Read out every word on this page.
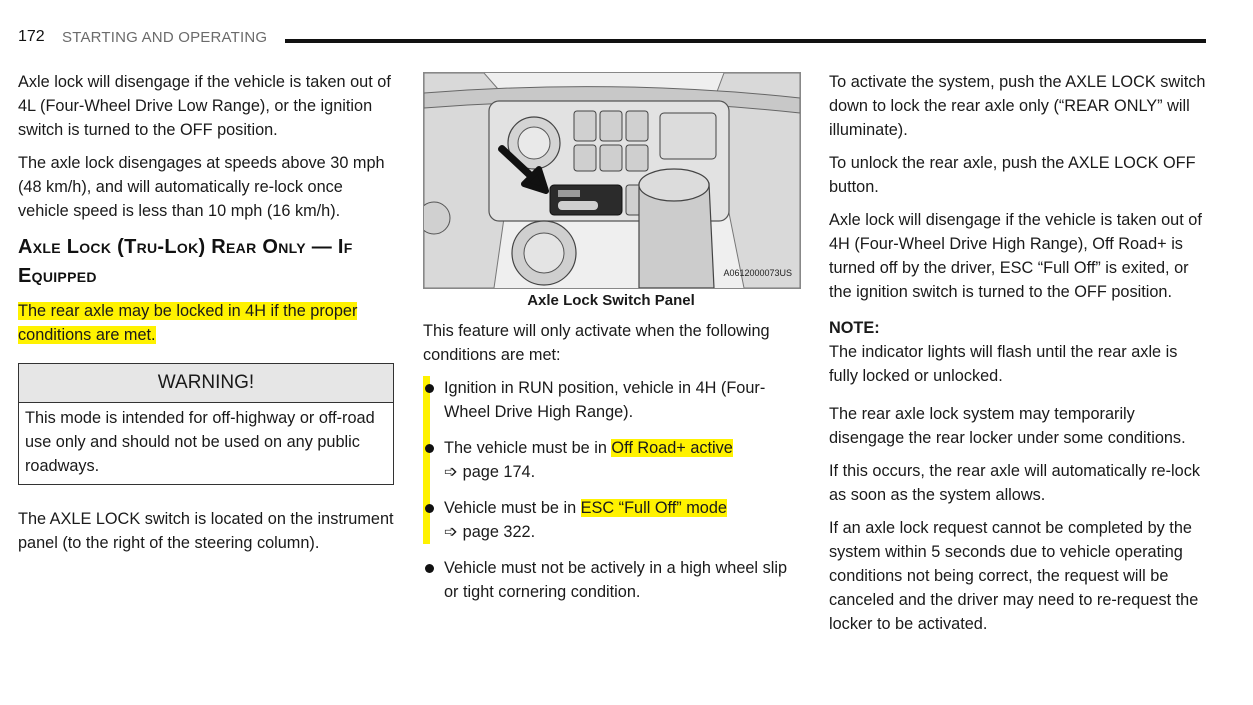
172 STARTING AND OPERATING

Axle lock will disengage if the vehicle is taken out of 4L (Four-Wheel Drive Low Range), or the ignition switch is turned to the OFF position.

The axle lock disengages at speeds above 30 mph (48 km/h), and will automatically re-lock once vehicle speed is less than 10 mph (16 km/h).

Axle Lock (Tru-Lok) Rear Only — If Equipped

The rear axle may be locked in 4H if the proper conditions are met.

WARNING!
This mode is intended for off-highway or off-road use only and should not be used on any public roadways.

The AXLE LOCK switch is located on the instrument panel (to the right of the steering column).

A0612000073US
Axle Lock Switch Panel

This feature will only activate when the following conditions are met:

Ignition in RUN position, vehicle in 4H (Four-Wheel Drive High Range).
The vehicle must be in Off Road+ active
➩ page 174.
Vehicle must be in ESC “Full Off” mode
➩ page 322.
Vehicle must not be actively in a high wheel slip or tight cornering condition.

To activate the system, push the AXLE LOCK switch down to lock the rear axle only (“REAR ONLY” will illuminate).

To unlock the rear axle, push the AXLE LOCK OFF button.

Axle lock will disengage if the vehicle is taken out of 4H (Four-Wheel Drive High Range), Off Road+ is turned off by the driver, ESC “Full Off” is exited, or the ignition switch is turned to the OFF position.

NOTE:

The indicator lights will flash until the rear axle is fully locked or unlocked.

The rear axle lock system may temporarily disengage the rear locker under some conditions.

If this occurs, the rear axle will automatically re-lock as soon as the system allows.

If an axle lock request cannot be completed by the system within 5 seconds due to vehicle operating conditions not being correct, the request will be canceled and the driver may need to re-request the locker to be activated.
